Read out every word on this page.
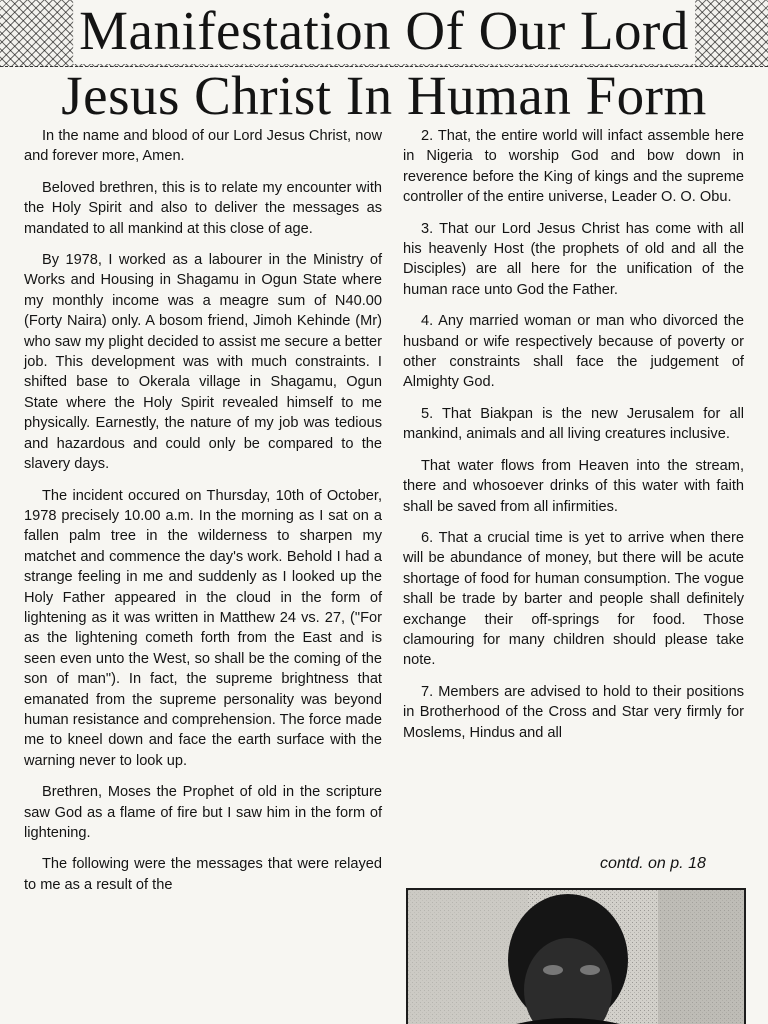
Manifestation Of Our Lord
Jesus Christ In Human Form

In the name and blood of our Lord Jesus Christ, now and forever more, Amen.

Beloved brethren, this is to relate my encounter with the Holy Spirit and also to deliver the messages as mandated to all mankind at this close of age.

By 1978, I worked as a labourer in the Ministry of Works and Housing in Shagamu in Ogun State where my monthly income was a meagre sum of N40.00 (Forty Naira) only. A bosom friend, Jimoh Kehinde (Mr) who saw my plight decided to assist me secure a better job. This development was with much constraints. I shifted base to Okerala village in Shagamu, Ogun State where the Holy Spirit revealed himself to me physically. Earnestly, the nature of my job was tedious and hazardous and could only be compared to the slavery days.

The incident occured on Thursday, 10th of October, 1978 precisely 10.00 a.m. In the morning as I sat on a fallen palm tree in the wilderness to sharpen my matchet and commence the day's work. Behold I had a strange feeling in me and suddenly as I looked up the Holy Father appeared in the cloud in the form of lightening as it was written in Matthew 24 vs. 27, ("For as the lightening cometh forth from the East and is seen even unto the West, so shall be the coming of the son of man"). In fact, the supreme brightness that emanated from the supreme personality was beyond human resistance and comprehension. The force made me to kneel down and face the earth surface with the warning never to look up.

Brethren, Moses the Prophet of old in the scripture saw God as a flame of fire but I saw him in the form of lightening.

The following were the messages that were relayed to me as a result of the

2. That, the entire world will infact assemble here in Nigeria to worship God and bow down in reverence before the King of kings and the supreme controller of the entire universe, Leader O. O. Obu.

3. That our Lord Jesus Christ has come with all his heavenly Host (the prophets of old and all the Disciples) are all here for the unification of the human race unto God the Father.

4. Any married woman or man who divorced the husband or wife respectively because of poverty or other constraints shall face the judgement of Almighty God.

5. That Biakpan is the new Jerusalem for all mankind, animals and all living creatures inclusive.

That water flows from Heaven into the stream, there and whosoever drinks of this water with faith shall be saved from all infirmities.

6. That a crucial time is yet to arrive when there will be abundance of money, but there will be acute shortage of food for human consumption. The vogue shall be trade by barter and people shall definitely exchange their off-springs for food. Those clamouring for many children should please take note.

7. Members are advised to hold to their positions in Brotherhood of the Cross and Star very firmly for Moslems, Hindus and all

contd. on p. 18
